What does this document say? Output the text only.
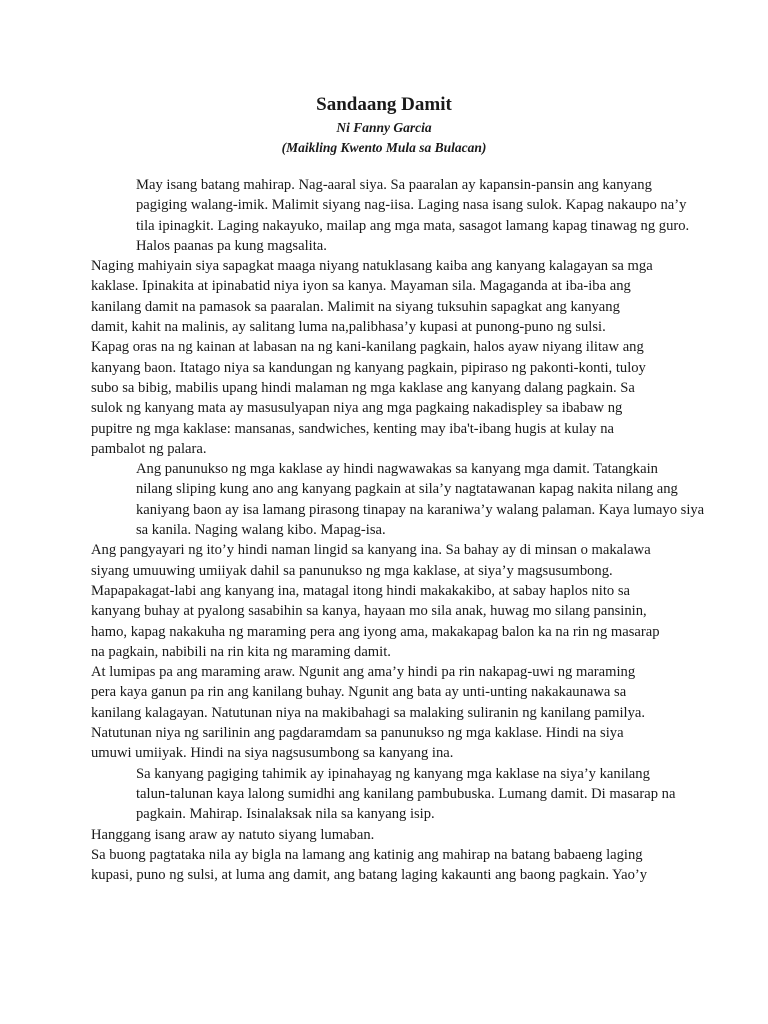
Sandaang Damit
Ni Fanny Garcia
(Maikling Kwento Mula sa Bulacan)
May isang batang mahirap. Nag-aaral siya. Sa paaralan ay kapansin-pansin ang kanyang
pagiging walang-imik. Malimit siyang nag-iisa. Laging nasa isang sulok. Kapag nakaupo na’y
tila ipinagkit. Laging nakayuko, mailap ang mga mata, sasagot lamang kapag tinawag ng guro.
Halos paanas pa kung magsalita.
Naging mahiyain siya sapagkat maaga niyang natuklasang kaiba ang kanyang kalagayan sa mga
kaklase. Ipinakita at ipinabatid niya iyon sa kanya. Mayaman sila. Magaganda at iba-iba ang
kanilang damit na pamasok sa paaralan. Malimit na siyang tuksuhin sapagkat ang kanyang
damit, kahit na malinis, ay salitang luma na,palibhasa’y kupasi at punong-puno ng sulsi.
Kapag oras na ng kainan at labasan na ng kani-kanilang pagkain, halos ayaw niyang ilitaw ang
kanyang baon. Itatago niya sa kandungan ng kanyang pagkain, pipiraso ng pakonti-konti, tuloy
subo sa bibig, mabilis upang hindi malaman ng mga kaklase ang kanyang dalang pagkain. Sa
sulok ng kanyang mata ay masusulyapan niya ang mga pagkaing nakadispley sa ibabaw ng
pupitre ng mga kaklase: mansanas, sandwiches, kenting may iba't-ibang hugis at kulay na
pambalot ng palara.
Ang panunukso ng mga kaklase ay hindi nagwawakas sa kanyang mga damit. Tatangkain
nilang sliping kung ano ang kanyang pagkain at sila’y nagtatawanan kapag nakita nilang ang
kaniyang baon ay isa lamang pirasong tinapay na karaniwa’y walang palaman. Kaya lumayo siya
sa kanila. Naging walang kibo. Mapag-isa.
Ang pangyayari ng ito’y hindi naman lingid sa kanyang ina. Sa bahay ay di minsan o makalawa
siyang umuuwing umiiyak dahil sa panunukso ng mga kaklase, at siya’y magsusumbong.
Mapapakagat-labi ang kanyang ina, matagal itong hindi makakakibo, at sabay haplos nito sa
kanyang buhay at pyalong sasabihin sa kanya, hayaan mo sila anak, huwag mo silang pansinin,
hamo, kapag nakakuha ng maraming pera ang iyong ama, makakapag balon ka na rin ng masarap
na pagkain, nabibili na rin kita ng maraming damit.
At lumipas pa ang maraming araw. Ngunit ang ama’y hindi pa rin nakapag-uwi ng maraming
pera kaya ganun pa rin ang kanilang buhay. Ngunit ang bata ay unti-unting nakakaunawa sa
kanilang kalagayan. Natutunan niya na makibahagi sa malaking suliranin ng kanilang pamilya.
Natutunan niya ng sarilinin ang pagdaramdam sa panunukso ng mga kaklase. Hindi na siya
umuwi umiiyak. Hindi na siya nagsusumbong sa kanyang ina.
Sa kanyang pagiging tahimik ay ipinahayag ng kanyang mga kaklase na siya’y kanilang
talun-talunan kaya lalong sumidhi ang kanilang pambubuska. Lumang damit. Di masarap na
pagkain. Mahirap. Isinalaksak nila sa kanyang isip.
Hanggang isang araw ay natuto siyang lumaban.
Sa buong pagtataka nila ay bigla na lamang ang katinig ang mahirap na batang babaeng laging
kupasi, puno ng sulsi, at luma ang damit, ang batang laging kakaunti ang baong pagkain. Yao’y
